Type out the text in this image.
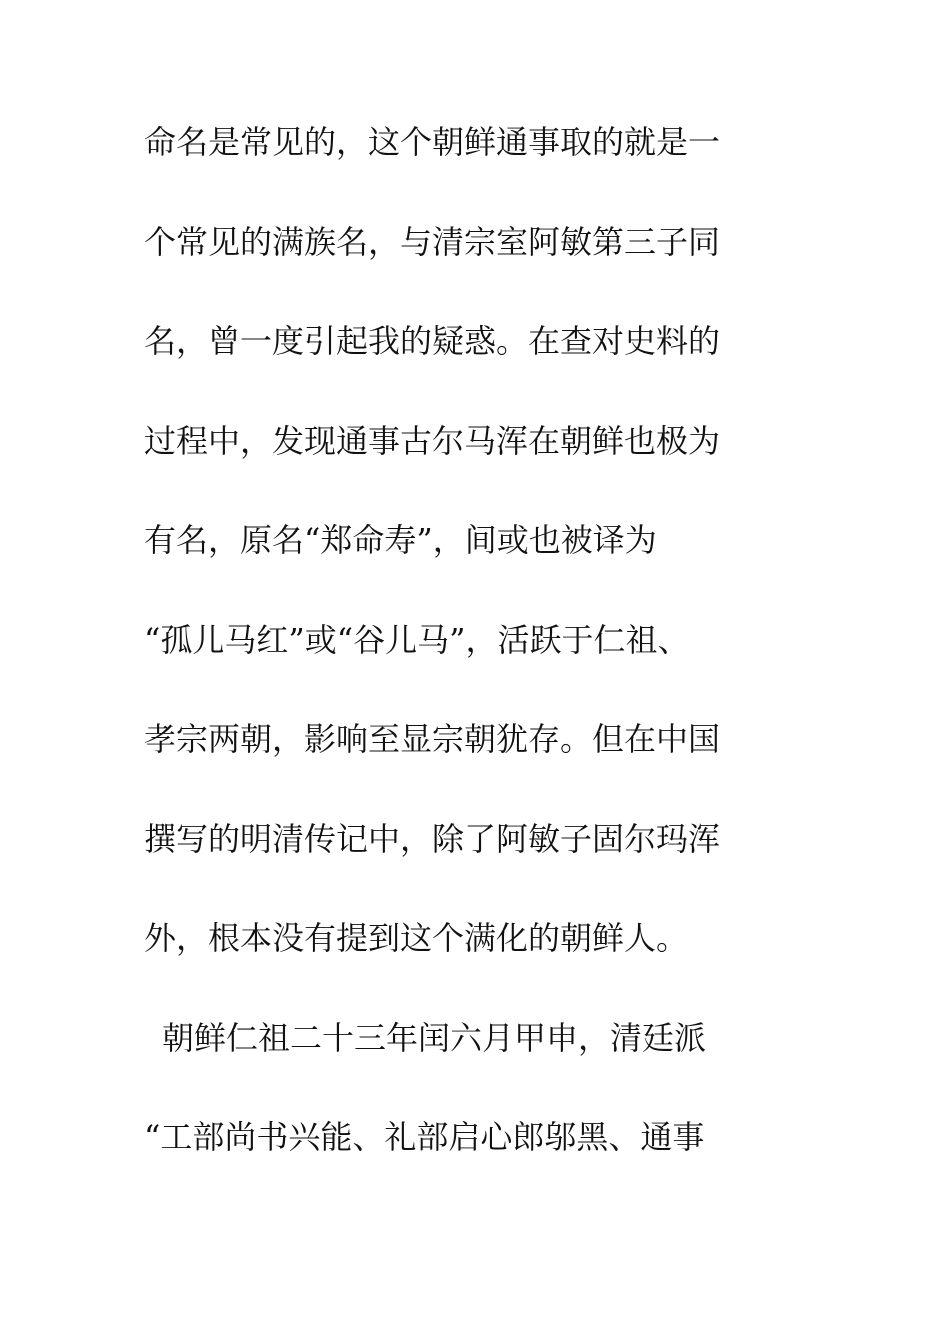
命名是常见的，这个朝鲜通事取的就是一
个常见的满族名，与清宗室阿敏第三子同
名，曾一度引起我的疑惑。在查对史料的
过程中，发现通事古尔马浑在朝鲜也极为
有名，原名“郑命寿”，间或也被译为
“孤儿马红”或“谷儿马”，活跃于仁祖、
孝宗两朝，影响至显宗朝犹存。但在中国
撰写的明清传记中，除了阿敏子固尔玛浑
外，根本没有提到这个满化的朝鲜人。
朝鲜仁祖二十三年闰六月甲申，清廷派
“工部尚书兴能、礼部启心郎邬黑、通事
